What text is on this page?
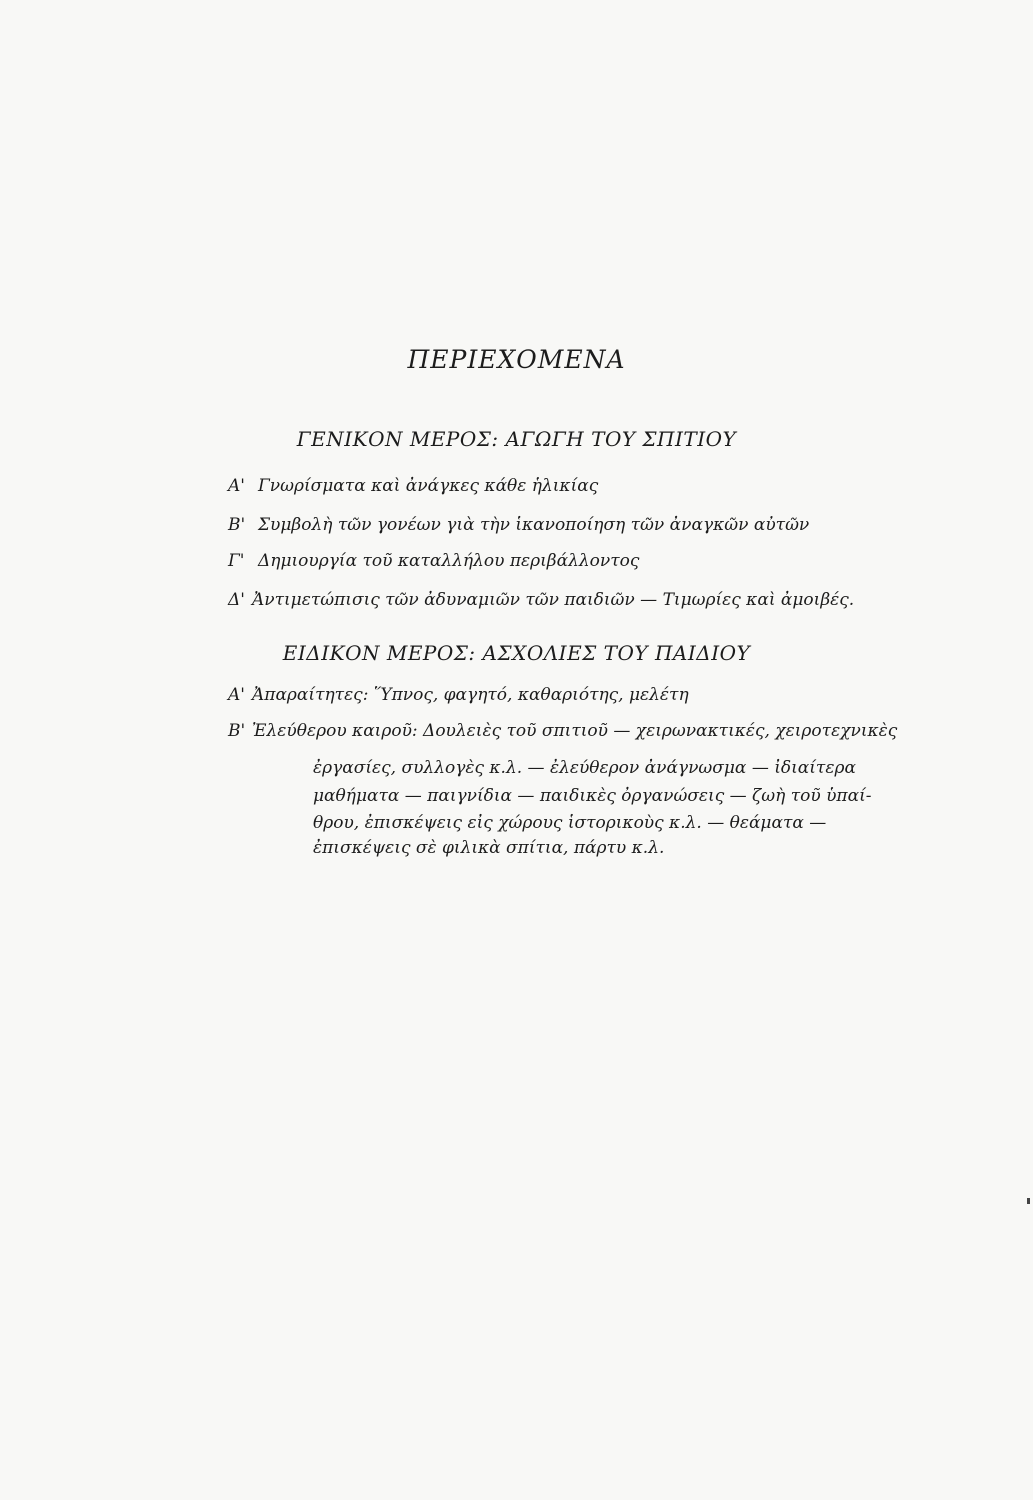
ΠΕΡΙΕΧΟΜΕΝΑ
ΓΕΝΙΚΟΝ ΜΕΡΟΣ: ΑΓΩΓΗ ΤΟΥ ΣΠΙΤΙΟΥ
Α' Γνωρίσματα καὶ ἀνάγκες κάθε ἡλικίας
Β' Συμβολὴ τῶν γονέων γιὰ τὴν ἱκανοποίηση τῶν ἀναγκῶν αὐτῶν
Γ' Δημιουργία τοῦ καταλλήλου περιβάλλοντος
Δ' Ἀντιμετώπισις τῶν ἀδυναμιῶν τῶν παιδιῶν — Τιμωρίες καὶ ἀμοιβές.
ΕΙΔΙΚΟΝ ΜΕΡΟΣ: ΑΣΧΟΛΙΕΣ ΤΟΥ ΠΑΙΔΙΟΥ
Α' Ἀπαραίτητες: Ὕπνος, φαγητό, καθαριότης, μελέτη
Β' Ἐλεύθερου καιροῦ: Δουλειὲς τοῦ σπιτιοῦ — χειρωνακτικές, χειροτεχνικὲς
ἐργασίες, συλλογὲς κ.λ. — ἐλεύθερον ἀνάγνωσμα — ἰδιαίτερα
μαθήματα — παιγνίδια — παιδικὲς ὀργανώσεις — ζωὴ τοῦ ὑπαί-
θρου, ἐπισκέψεις εἰς χώρους ἱστορικοὺς κ.λ. — θεάματα —
ἐπισκέψεις σὲ φιλικὰ σπίτια, πάρτυ κ.λ.
